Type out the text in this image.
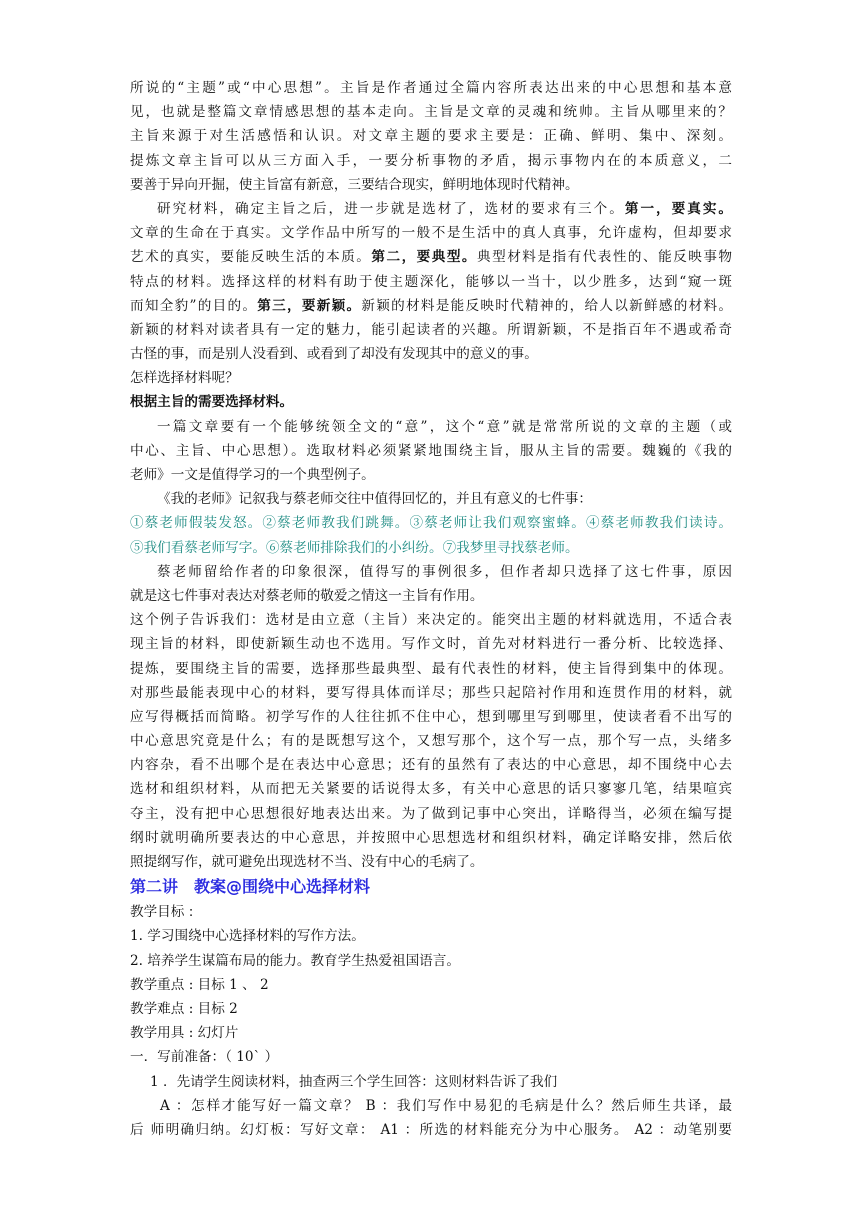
所说的“主题”或“中心思想”。主旨是作者通过全篇内容所表达出来的中心思想和基本意
见，也就是整篇文章情感思想的基本走向。主旨是文章的灵魂和统帅。主旨从哪里来的？
主旨来源于对生活感悟和认识。对文章主题的要求主要是：正确、鲜明、集中、深刻。
提炼文章主旨可以从三方面入手，一要分析事物的矛盾，揭示事物内在的本质意义，二
要善于异向开掘，使主旨富有新意，三要结合现实，鲜明地体现时代精神。
研究材料，确定主旨之后，进一步就是选材了，选材的要求有三个。第一，要真实。
文章的生命在于真实。文学作品中所写的一般不是生活中的真人真事，允许虚构，但却要求
艺术的真实，要能反映生活的本质。第二，要典型。典型材料是指有代表性的、能反映事物
特点的材料。选择这样的材料有助于使主题深化，能够以一当十，以少胜多，达到“窥一斑
而知全豹”的目的。第三，要新颖。新颖的材料是能反映时代精神的，给人以新鲜感的材料。
新颖的材料对读者具有一定的魅力，能引起读者的兴趣。所谓新颖，不是指百年不遇或希奇
古怪的事，而是别人没看到、或看到了却没有发现其中的意义的事。
怎样选择材料呢？
根据主旨的需要选择材料。
一篇文章要有一个能够统领全文的“意”，这个“意”就是常常所说的文章的主题（或
中心、主旨、中心思想）。选取材料必须紧紧地围绕主旨，服从主旨的需要。魏巍的《我的
老师》一文是值得学习的一个典型例子。
《我的老师》记叙我与蔡老师交往中值得回忆的，并且有意义的七件事：
①蔡老师假装发怒。②蔡老师教我们跳舞。③蔡老师让我们观察蜜蜂。④蔡老师教我们读诗。
⑤我们看蔡老师写字。⑥蔡老师排除我们的小纠纷。⑦我梦里寻找蔡老师。
蔡老师留给作者的印象很深，值得写的事例很多，但作者却只选择了这七件事，原因
就是这七件事对表达对蔡老师的敬爱之情这一主旨有作用。
这个例子告诉我们：选材是由立意（主旨）来决定的。能突出主题的材料就选用，不适合表
现主旨的材料，即使新颖生动也不选用。写作文时，首先对材料进行一番分析、比较选择、
提炼，要围绕主旨的需要，选择那些最典型、最有代表性的材料，使主旨得到集中的体现。
对那些最能表现中心的材料，要写得具体而详尽；那些只起陪衬作用和连贯作用的材料，就
应写得概括而简略。初学写作的人往往抓不住中心，想到哪里写到哪里，使读者看不出写的
中心意思究竟是什么；有的是既想写这个，又想写那个，这个写一点，那个写一点，头绪多
内容杂，看不出哪个是在表达中心意思；还有的虽然有了表达的中心意思，却不围绕中心去
选材和组织材料，从而把无关紧要的话说得太多，有关中心意思的话只寥寥几笔，结果喧宾
夺主，没有把中心思想很好地表达出来。为了做到记事中心突出，详略得当，必须在编写提
纲时就明确所要表达的中心意思，并按照中心思想选材和组织材料，确定详略安排，然后依
照提纲写作，就可避免出现选材不当、没有中心的毛病了。
第二讲　教案@围绕中心选择材料
教学目标 :
1. 学习围绕中心选择材料的写作方法。
2. 培养学生谋篇布局的能力。教育学生热爱祖国语言。
教学重点 : 目标 1 、 2
教学难点 : 目标 2
教学用具 : 幻灯片
一．写前准备：（ 10` ）
1 ．先请学生阅读材料，抽查两三个学生回答：这则材料告诉了我们
A ：怎样才能写好一篇文章？ B ：我们写作中易犯的毛病是什么？然后师生共译，最
后 师明确归纳。幻灯板：写好文章： A1 ：所选的材料能充分为中心服务。 A2 ：动笔别要
